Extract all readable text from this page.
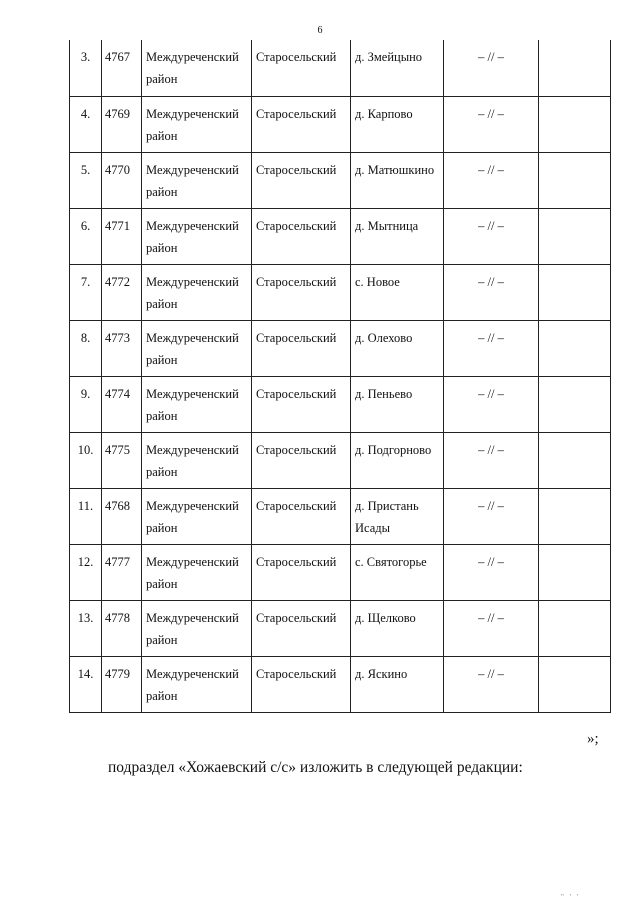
6
3.	4767	Междуреченский район	Старосельский	д. Змейцыно	– // –	
4.	4769	Междуреченский район	Старосельский	д. Карпово	– // –	
5.	4770	Междуреченский район	Старосельский	д. Матюшкино	– // –	
6.	4771	Междуреченский район	Старосельский	д. Мытница	– // –	
7.	4772	Междуреченский район	Старосельский	с. Новое	– // –	
8.	4773	Междуреченский район	Старосельский	д. Олехово	– // –	
9.	4774	Междуреченский район	Старосельский	д. Пеньево	– // –	
10.	4775	Междуреченский район	Старосельский	д. Подгорново	– // –	
11.	4768	Междуреченский район	Старосельский	д. Пристань Исады	– // –	
12.	4777	Междуреченский район	Старосельский	с. Святогорье	– // –	
13.	4778	Междуреченский район	Старосельский	д. Щелково	– // –	
14.	4779	Междуреченский район	Старосельский	д. Яскино	– // –	
»;
подраздел «Хожаевский с/с» изложить в следующей редакции:
" ' '
